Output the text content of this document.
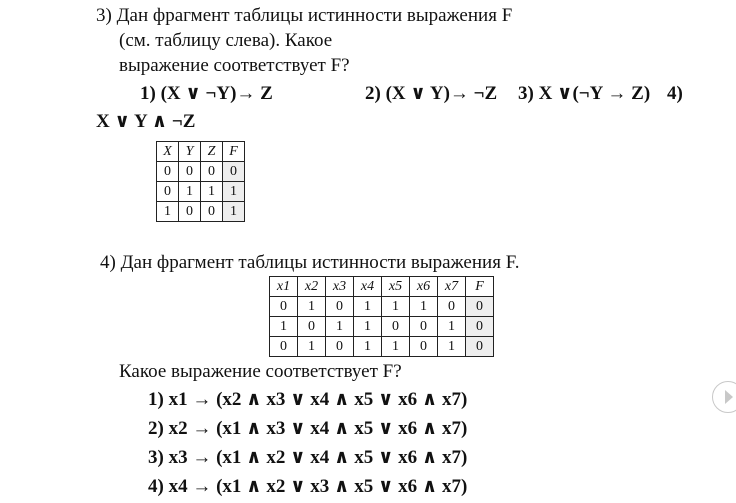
3) Дан фрагмент таблицы истинности выражения F
(см. таблицу слева). Какое
выражение соответствует F?
1) (X ∨ ¬Y)→ Z	2) (X ∨ Y)→ ¬Z 3) X ∨(¬Y → Z) 4)
X ∨ Y ∧ ¬Z
X	Y	Z	F
0	0	0	0
0	1	1	1
1	0	0	1
4) Дан фрагмент таблицы истинности выражения F.
x1	x2	x3	x4	x5	x6	x7	F
0	1	0	1	1	1	0	0
1	0	1	1	0	0	1	0
0	1	0	1	1	0	1	0
Какое выражение соответствует F?
1) x1 → (x2 ∧ x3 ∨ x4 ∧ x5 ∨ x6 ∧ x7)
2) x2 → (x1 ∧ x3 ∨ x4 ∧ x5 ∨ x6 ∧ x7)
3) x3 → (x1 ∧ x2 ∨ x4 ∧ x5 ∨ x6 ∧ x7)
4) x4 → (x1 ∧ x2 ∨ x3 ∧ x5 ∨ x6 ∧ x7)
